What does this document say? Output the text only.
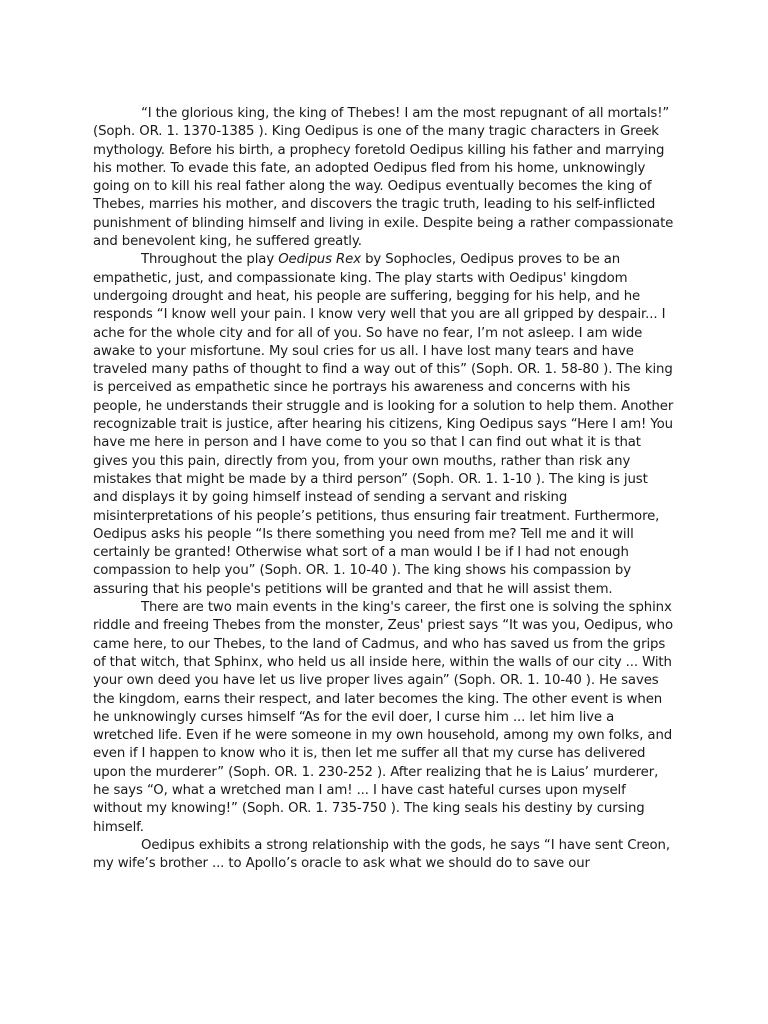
“I the glorious king, the king of Thebes! I am the most repugnant of all mortals!” (Soph. OR. 1. 1370-1385 ). King Oedipus is one of the many tragic characters in Greek mythology. Before his birth, a prophecy foretold Oedipus killing his father and marrying his mother. To evade this fate, an adopted Oedipus fled from his home, unknowingly going on to kill his real father along the way. Oedipus eventually becomes the king of Thebes, marries his mother, and discovers the tragic truth, leading to his self-inflicted punishment of blinding himself and living in exile. Despite being a rather compassionate and benevolent king, he suffered greatly.

Throughout the play Oedipus Rex by Sophocles, Oedipus proves to be an empathetic, just, and compassionate king. The play starts with Oedipus' kingdom undergoing drought and heat, his people are suffering, begging for his help, and he responds “I know well your pain. I know very well that you are all gripped by despair... I ache for the whole city and for all of you. So have no fear, I’m not asleep. I am wide awake to your misfortune. My soul cries for us all. I have lost many tears and have traveled many paths of thought to find a way out of this” (Soph. OR. 1. 58-80 ). The king is perceived as empathetic since he portrays his awareness and concerns with his people, he understands their struggle and is looking for a solution to help them. Another recognizable trait is justice, after hearing his citizens, King Oedipus says “Here I am! You have me here in person and I have come to you so that I can find out what it is that gives you this pain, directly from you, from your own mouths, rather than risk any mistakes that might be made by a third person” (Soph. OR. 1. 1-10 ). The king is just and displays it by going himself instead of sending a servant and risking misinterpretations of his people’s petitions, thus ensuring fair treatment. Furthermore, Oedipus asks his people “Is there something you need from me? Tell me and it will certainly be granted! Otherwise what sort of a man would I be if I had not enough compassion to help you” (Soph. OR. 1. 10-40 ). The king shows his compassion by assuring that his people's petitions will be granted and that he will assist them.

There are two main events in the king's career, the first one is solving the sphinx riddle and freeing Thebes from the monster, Zeus' priest says “It was you, Oedipus, who came here, to our Thebes, to the land of Cadmus, and who has saved us from the grips of that witch, that Sphinx, who held us all inside here, within the walls of our city ... With your own deed you have let us live proper lives again” (Soph. OR. 1. 10-40 ). He saves the kingdom, earns their respect, and later becomes the king. The other event is when he unknowingly curses himself “As for the evil doer, I curse him ... let him live a wretched life. Even if he were someone in my own household, among my own folks, and even if I happen to know who it is, then let me suffer all that my curse has delivered upon the murderer” (Soph. OR. 1. 230-252 ). After realizing that he is Laius’ murderer, he says “O, what a wretched man I am! ... I have cast hateful curses upon myself without my knowing!” (Soph. OR. 1. 735-750 ). The king seals his destiny by cursing himself.

Oedipus exhibits a strong relationship with the gods, he says “I have sent Creon, my wife’s brother ... to Apollo’s oracle to ask what we should do to save our
